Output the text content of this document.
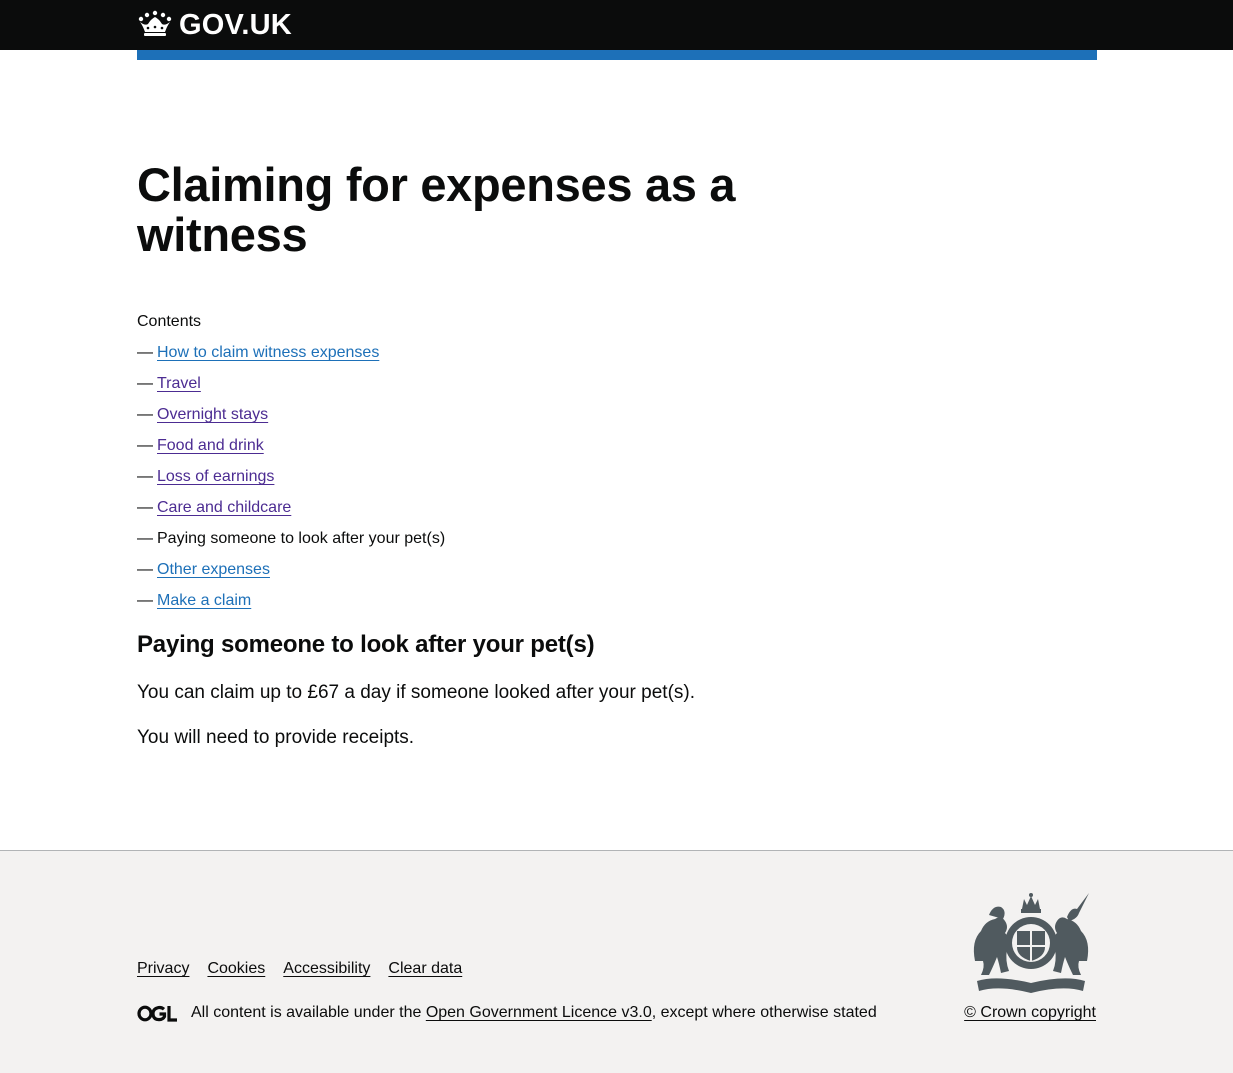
GOV.UK
Claiming for expenses as a witness
Contents
— How to claim witness expenses
— Travel
— Overnight stays
— Food and drink
— Loss of earnings
— Care and childcare
— Paying someone to look after your pet(s)
— Other expenses
— Make a claim
Paying someone to look after your pet(s)

You can claim up to £67 a day if someone looked after your pet(s).

You will need to provide receipts.

Privacy Cookies Accessibility Clear data
All content is available under the Open Government Licence v3.0 , except where otherwise stated	© Crown copyright
